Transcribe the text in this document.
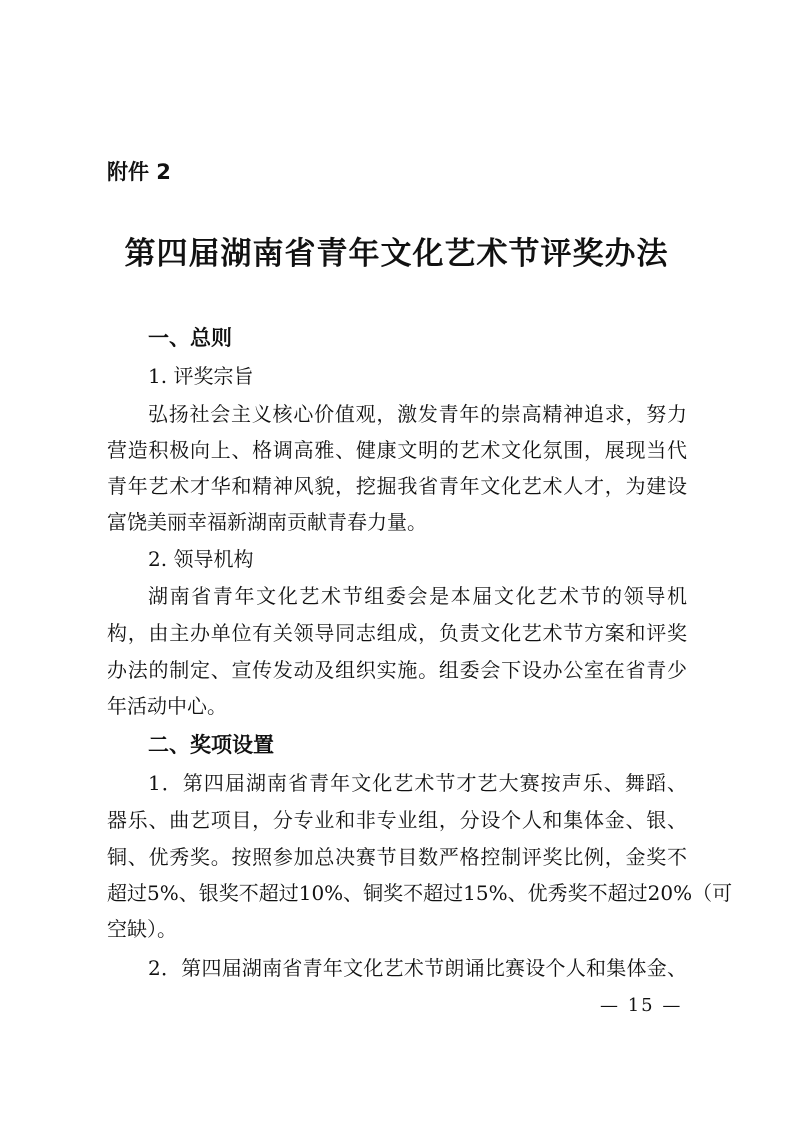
附件 2
第四届湖南省青年文化艺术节评奖办法
一、总则
1. 评奖宗旨
弘扬社会主义核心价值观，激发青年的崇高精神追求，努力
营造积极向上、格调高雅、健康文明的艺术文化氛围，展现当代
青年艺术才华和精神风貌，挖掘我省青年文化艺术人才，为建设
富饶美丽幸福新湖南贡献青春力量。
2. 领导机构
湖南省青年文化艺术节组委会是本届文化艺术节的领导机
构，由主办单位有关领导同志组成，负责文化艺术节方案和评奖
办法的制定、宣传发动及组织实施。组委会下设办公室在省青少
年活动中心。
二、奖项设置
1．第四届湖南省青年文化艺术节才艺大赛按声乐、舞蹈、
器乐、曲艺项目，分专业和非专业组，分设个人和集体金、银、
铜、优秀奖。按照参加总决赛节目数严格控制评奖比例，金奖不
超过5%、银奖不超过10%、铜奖不超过15%、优秀奖不超过20%（可
空缺）。
2．第四届湖南省青年文化艺术节朗诵比赛设个人和集体金、
— 15 —
